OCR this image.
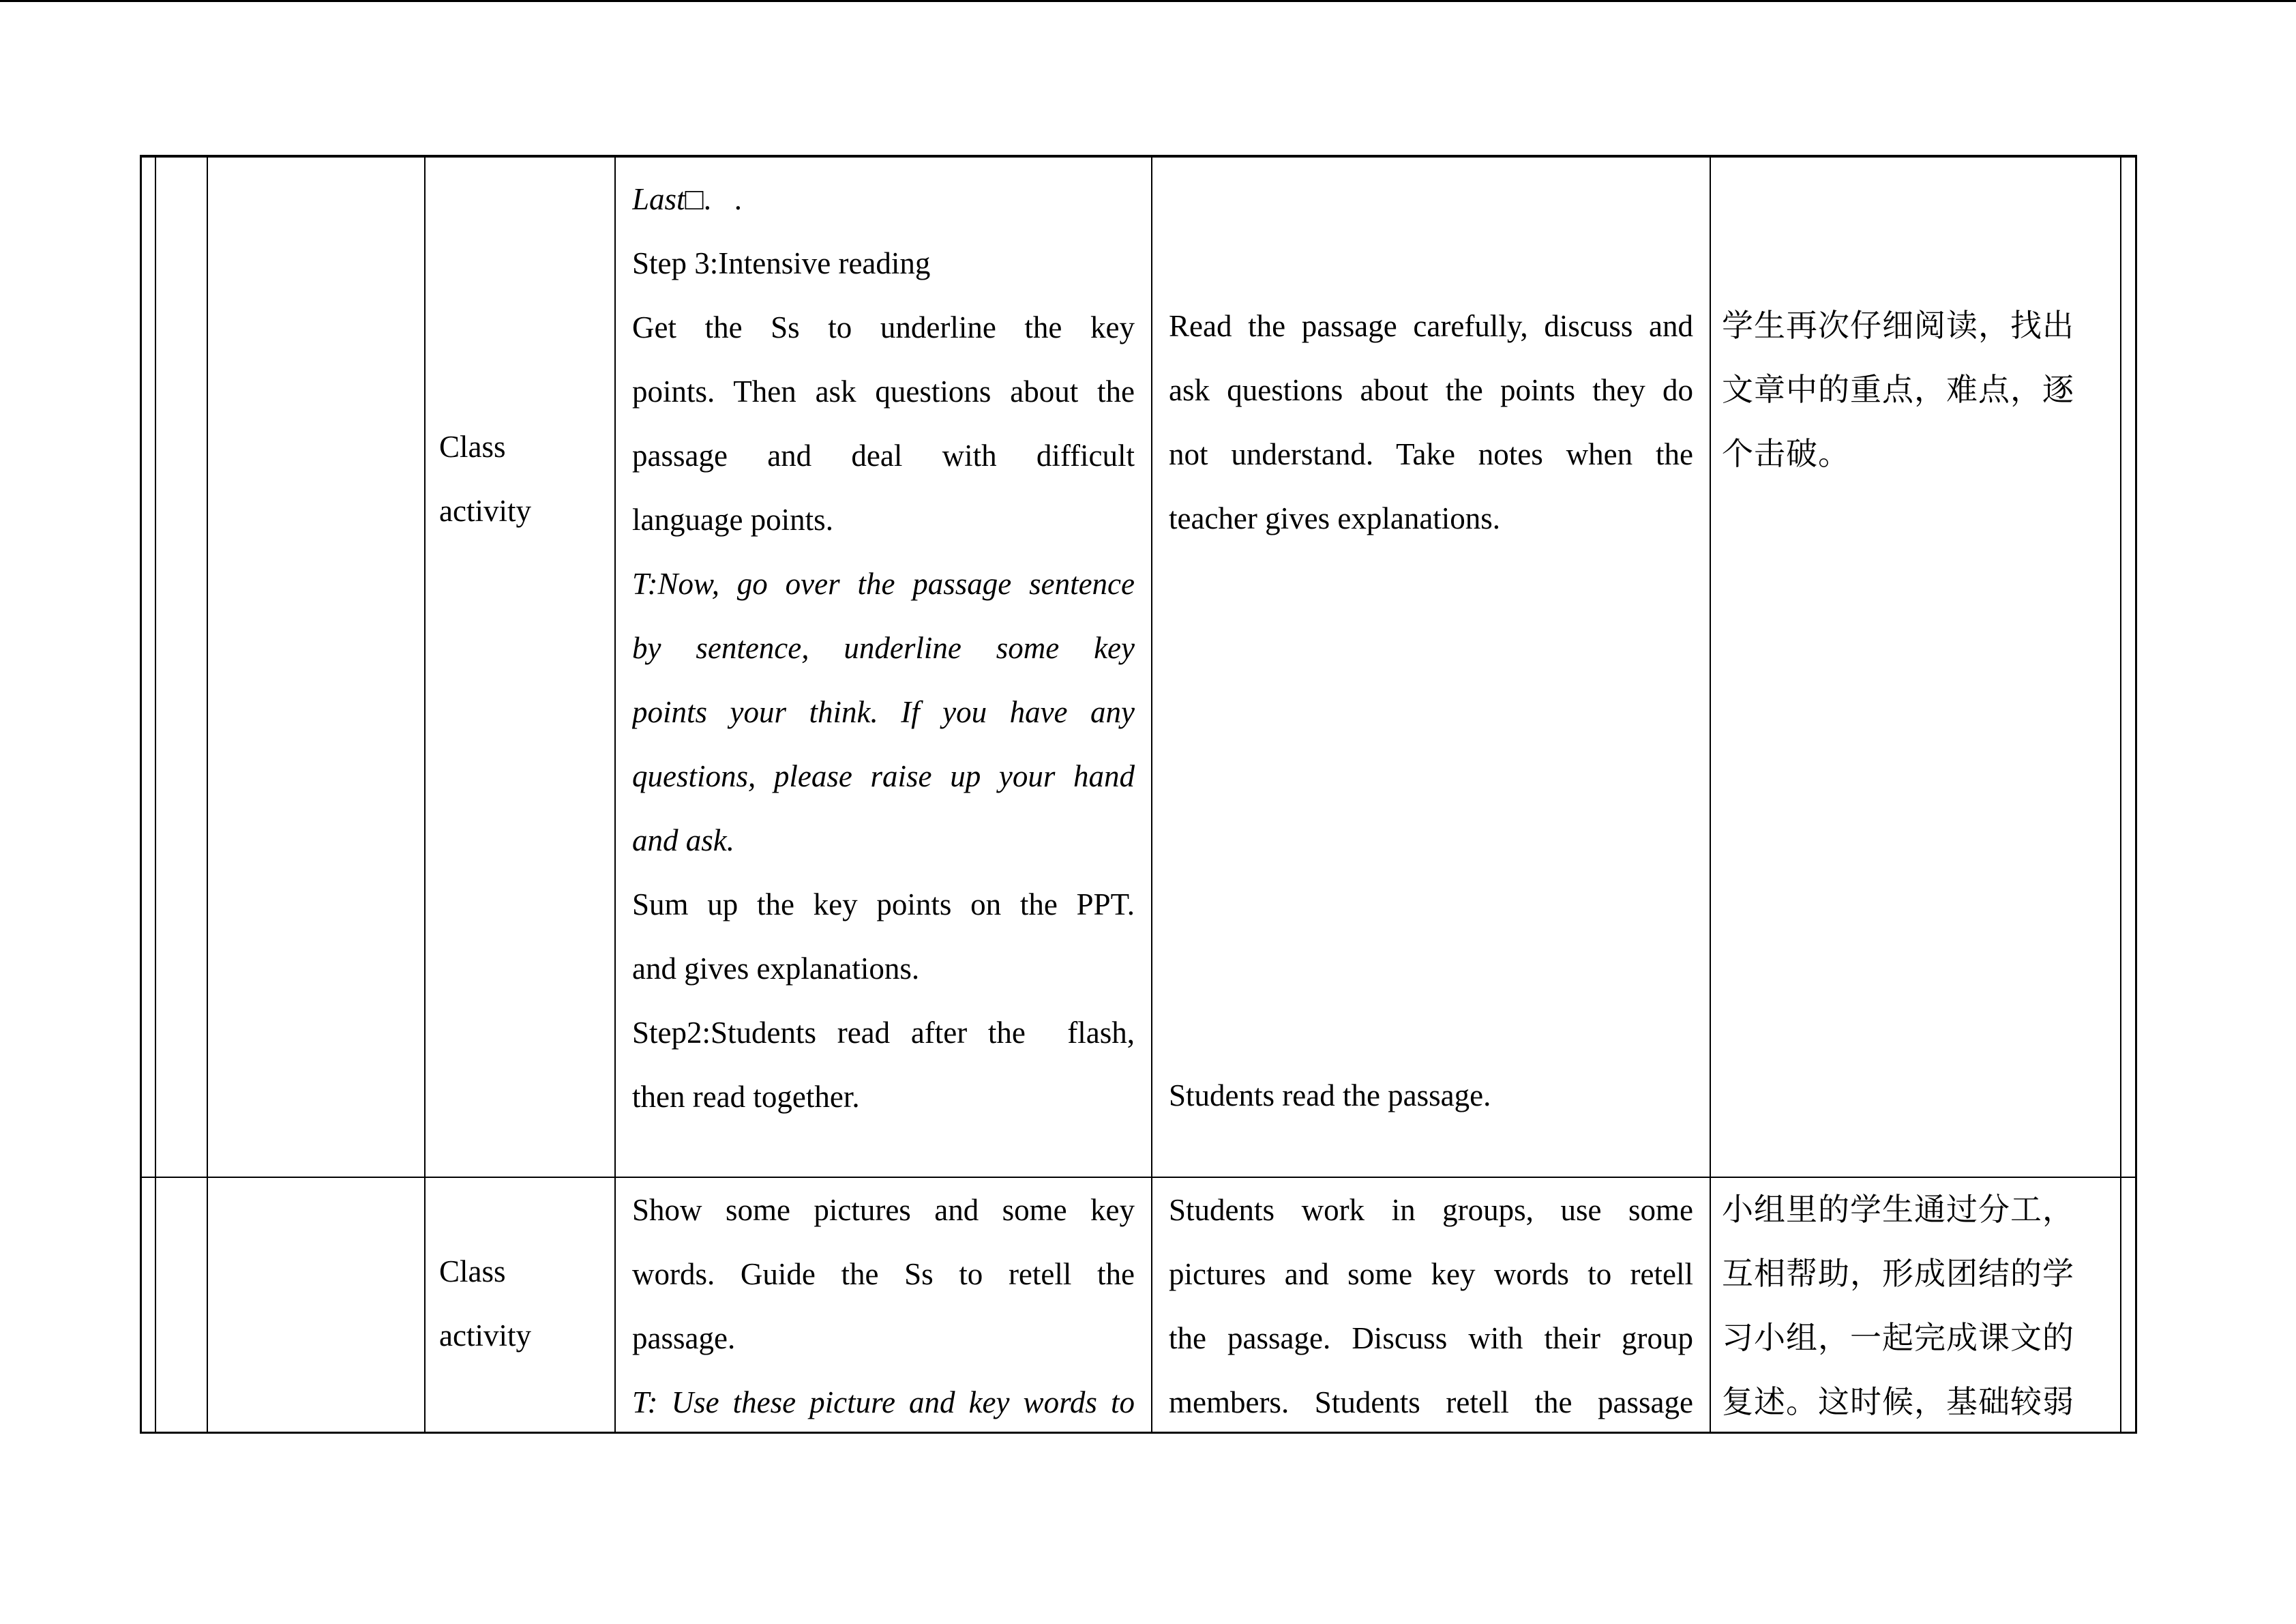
Class
activity
Last□.   .
Step 3:Intensive reading
Get the Ss to underline the key
points. Then ask questions about the
passage and deal with difficult
language points.
T:Now, go over the passage sentence
by sentence, underline some key
points your think. If you have any
questions, please raise up your hand
and ask.
Sum up the key points on the PPT.
and gives explanations.
Step2:Students read after the  flash,
then read together.
Read the passage carefully, discuss and
ask questions about the points they do
not understand. Take notes when the
teacher gives explanations.
Students read the passage.
学生再次仔细阅读，找出
文章中的重点，难点，逐
个击破。
Class
activity
Show some pictures and some key
words. Guide the Ss to retell the
passage.
T: Use these picture and key words to
Students work in groups, use some
pictures and some key words to retell
the passage. Discuss with their group
members. Students retell the passage
小组里的学生通过分工，
互相帮助，形成团结的学
习小组，一起完成课文的
复述。这时候，基础较弱
